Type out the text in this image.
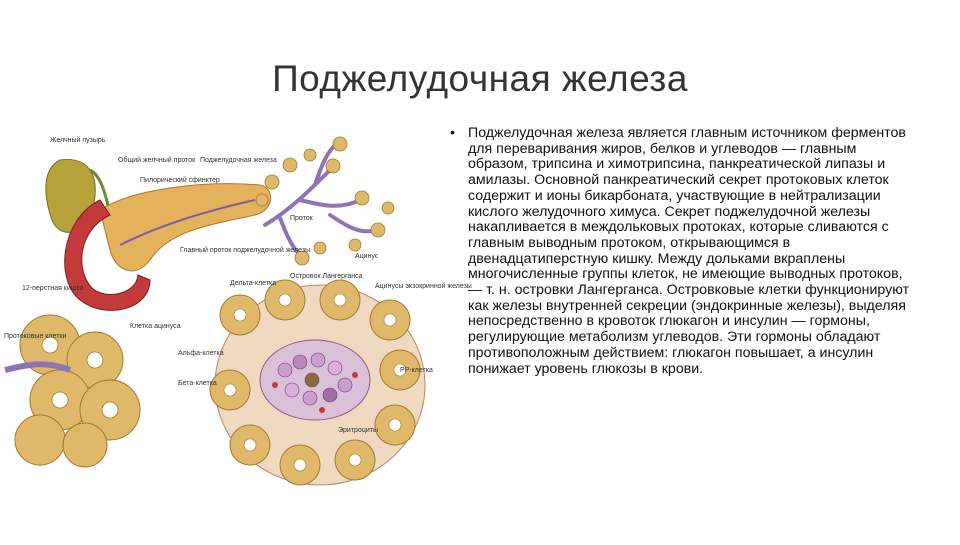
Поджелудочная железа
Желчный пузырь
Общий желчный проток
Пилорический сфинктер
Поджелудочная железа
12-перстная кишка
Главный проток поджелудочной железы
Проток
Ацинус
Островок Лангерганса
Дельта-клетка	Ацинусы экзокринной железы
Протоковые клетки
Клетка ацинуса
Альфа-клетка
Бета-клетка
PP-клетка
Эритроциты
• Поджелудочная железа является главным источником ферментов для переваривания жиров, белков и углеводов — главным образом, трипсина и химотрипсина, панкреатической липазы и амилазы. Основной панкреатический секрет протоковых клеток содержит и ионы бикарбоната, участвующие в нейтрализации кислого желудочного химуса. Секрет поджелудочной железы накапливается в междольковых протоках, которые сливаются с главным выводным протоком, открывающимся в двенадцатиперстную кишку. Между дольками вкраплены многочисленные группы клеток, не имеющие выводных протоков, — т. н. островки Лангерганса. Островковые клетки функционируют как железы внутренней секреции (эндокринные железы), выделяя непосредственно в кровоток глюкагон и инсулин — гормоны, регулирующие метаболизм углеводов. Эти гормоны обладают противоположным действием: глюкагон повышает, а инсулин понижает уровень глюкозы в крови.
